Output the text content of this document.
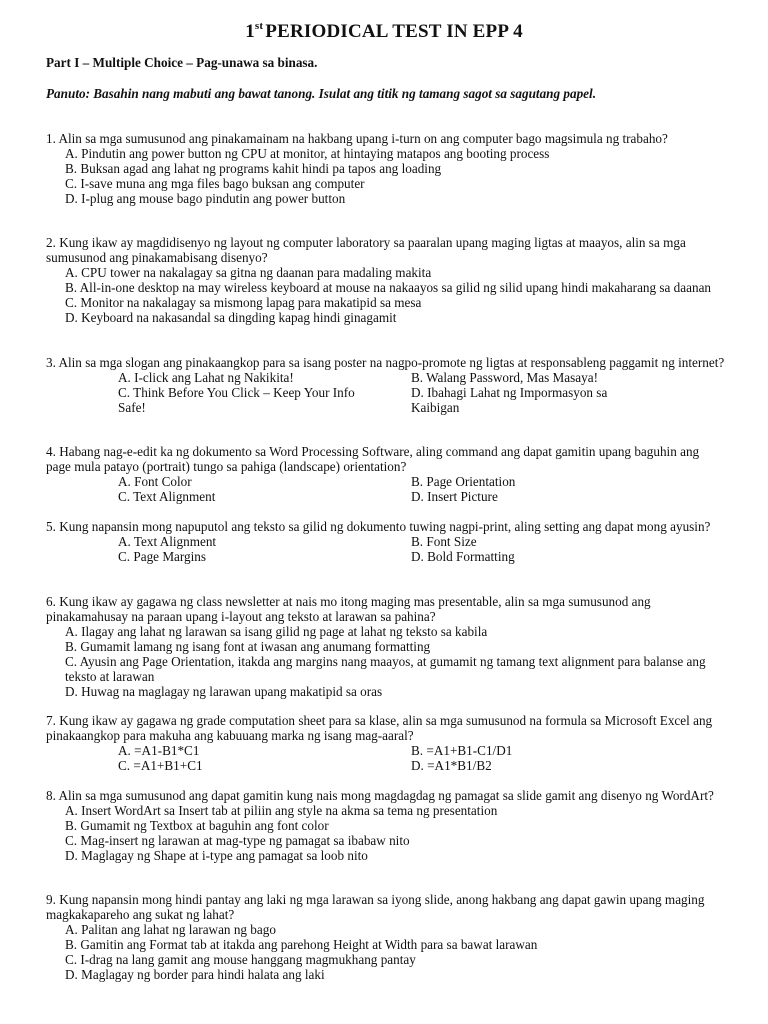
1st PERIODICAL TEST IN EPP 4
Part I – Multiple Choice – Pag-unawa sa binasa.
Panuto: Basahin nang mabuti ang bawat tanong. Isulat ang titik ng tamang sagot sa sagutang papel.

1. Alin sa mga sumusunod ang pinakamainam na hakbang upang i-turn on ang computer bago magsimula ng trabaho?

A. Pindutin ang power button ng CPU at monitor, at hintaying matapos ang booting process

B. Buksan agad ang lahat ng programs kahit hindi pa tapos ang loading

C. I-save muna ang mga files bago buksan ang computer

D. I-plug ang mouse bago pindutin ang power button

2. Kung ikaw ay magdidisenyo ng layout ng computer laboratory sa paaralan upang maging ligtas at maayos, alin sa mga sumusunod ang pinakamabisang disenyo?

A. CPU tower na nakalagay sa gitna ng daanan para madaling makita

B. All-in-one desktop na may wireless keyboard at mouse na nakaayos sa gilid ng silid upang hindi makaharang sa daanan

C. Monitor na nakalagay sa mismong lapag para makatipid sa mesa

D. Keyboard na nakasandal sa dingding kapag hindi ginagamit

3. Alin sa mga slogan ang pinakaangkop para sa isang poster na nagpo-promote ng ligtas at responsableng paggamit ng internet?

A. I-click ang Lahat ng Nakikita!	B. Walang Password, Mas Masaya!
C. Think Before You Click – Keep Your Info Safe!
D. Ibahagi Lahat ng Impormasyon sa Kaibigan

4. Habang nag-e-edit ka ng dokumento sa Word Processing Software, aling command ang dapat gamitin upang baguhin ang page mula patayo (portrait) tungo sa pahiga (landscape) orientation?

A. Font Color	B. Page Orientation
C. Text Alignment	D. Insert Picture

5. Kung napansin mong napuputol ang teksto sa gilid ng dokumento tuwing nagpi-print, aling setting ang dapat mong ayusin?

A. Text Alignment	B. Font Size
C. Page Margins	D. Bold Formatting

6. Kung ikaw ay gagawa ng class newsletter at nais mo itong maging mas presentable, alin sa mga sumusunod ang pinakamahusay na paraan upang i-layout ang teksto at larawan sa pahina?

A. Ilagay ang lahat ng larawan sa isang gilid ng page at lahat ng teksto sa kabila

B. Gumamit lamang ng isang font at iwasan ang anumang formatting

C. Ayusin ang Page Orientation, itakda ang margins nang maayos, at gumamit ng tamang text alignment para balanse ang teksto at larawan

D. Huwag na maglagay ng larawan upang makatipid sa oras

7. Kung ikaw ay gagawa ng grade computation sheet para sa klase, alin sa mga sumusunod na formula sa Microsoft Excel ang pinakaangkop para makuha ang kabuuang marka ng isang mag-aaral?

A. =A1-B1*C1	B. =A1+B1-C1/D1
C. =A1+B1+C1	D. =A1*B1/B2

8. Alin sa mga sumusunod ang dapat gamitin kung nais mong magdagdag ng pamagat sa slide gamit ang disenyo ng WordArt?

A. Insert WordArt sa Insert tab at piliin ang style na akma sa tema ng presentation

B. Gumamit ng Textbox at baguhin ang font color

C. Mag-insert ng larawan at mag-type ng pamagat sa ibabaw nito

D. Maglagay ng Shape at i-type ang pamagat sa loob nito

9. Kung napansin mong hindi pantay ang laki ng mga larawan sa iyong slide, anong hakbang ang dapat gawin upang maging magkakapareho ang sukat ng lahat?

A. Palitan ang lahat ng larawan ng bago

B. Gamitin ang Format tab at itakda ang parehong Height at Width para sa bawat larawan

C. I-drag na lang gamit ang mouse hanggang magmukhang pantay

D. Maglagay ng border para hindi halata ang laki
